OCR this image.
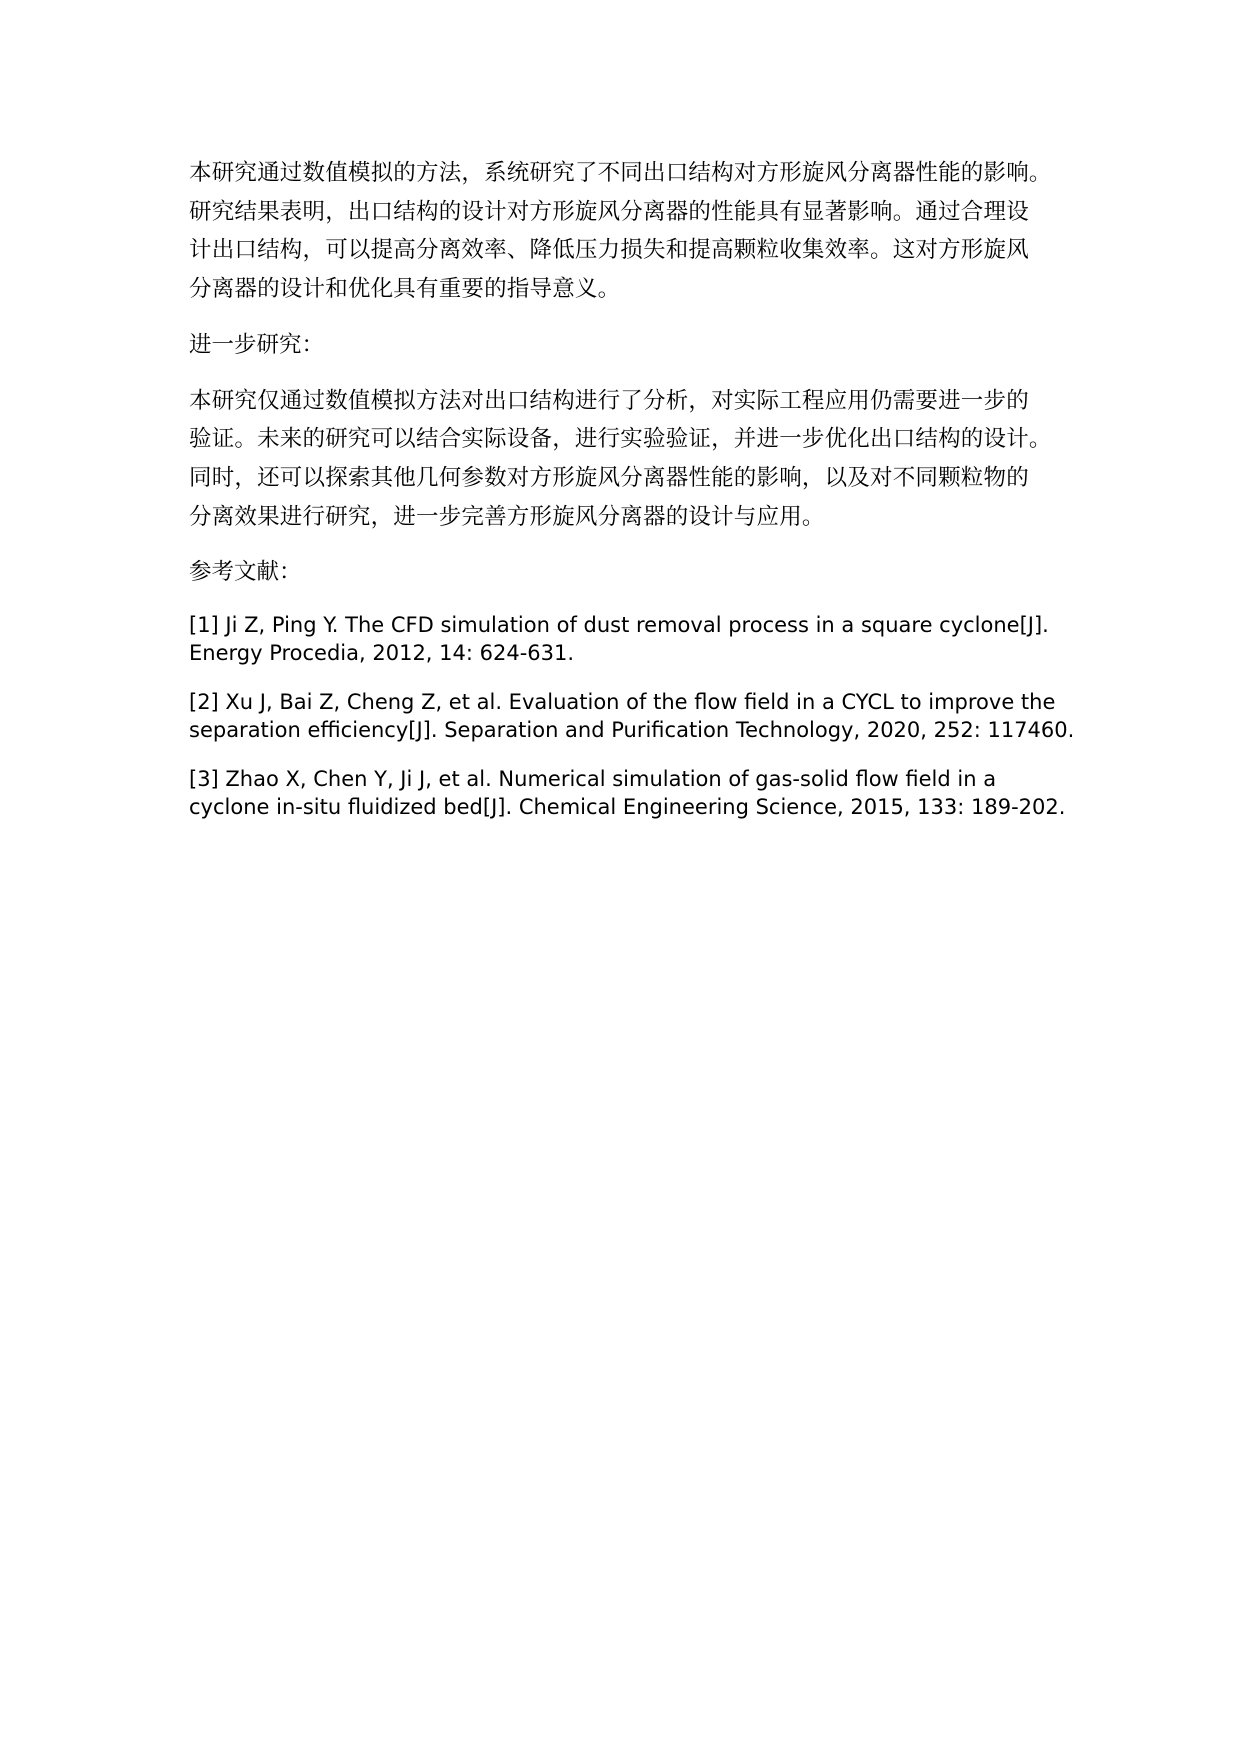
本研究通过数值模拟的方法，系统研究了不同出口结构对方形旋风分离器性能的影响。
研究结果表明，出口结构的设计对方形旋风分离器的性能具有显著影响。通过合理设
计出口结构，可以提高分离效率、降低压力损失和提高颗粒收集效率。这对方形旋风
分离器的设计和优化具有重要的指导意义。

进一步研究：

本研究仅通过数值模拟方法对出口结构进行了分析，对实际工程应用仍需要进一步的
验证。未来的研究可以结合实际设备，进行实验验证，并进一步优化出口结构的设计。
同时，还可以探索其他几何参数对方形旋风分离器性能的影响，以及对不同颗粒物的
分离效果进行研究，进一步完善方形旋风分离器的设计与应用。

参考文献：

[1] Ji Z, Ping Y. The CFD simulation of dust removal process in a square cyclone[J].
Energy Procedia, 2012, 14: 624-631.

[2] Xu J, Bai Z, Cheng Z, et al. Evaluation of the flow field in a CYCL to improve the
separation efficiency[J]. Separation and Purification Technology, 2020, 252: 117460.

[3] Zhao X, Chen Y, Ji J, et al. Numerical simulation of gas-solid flow field in a
cyclone in-situ fluidized bed[J]. Chemical Engineering Science, 2015, 133: 189-202.
